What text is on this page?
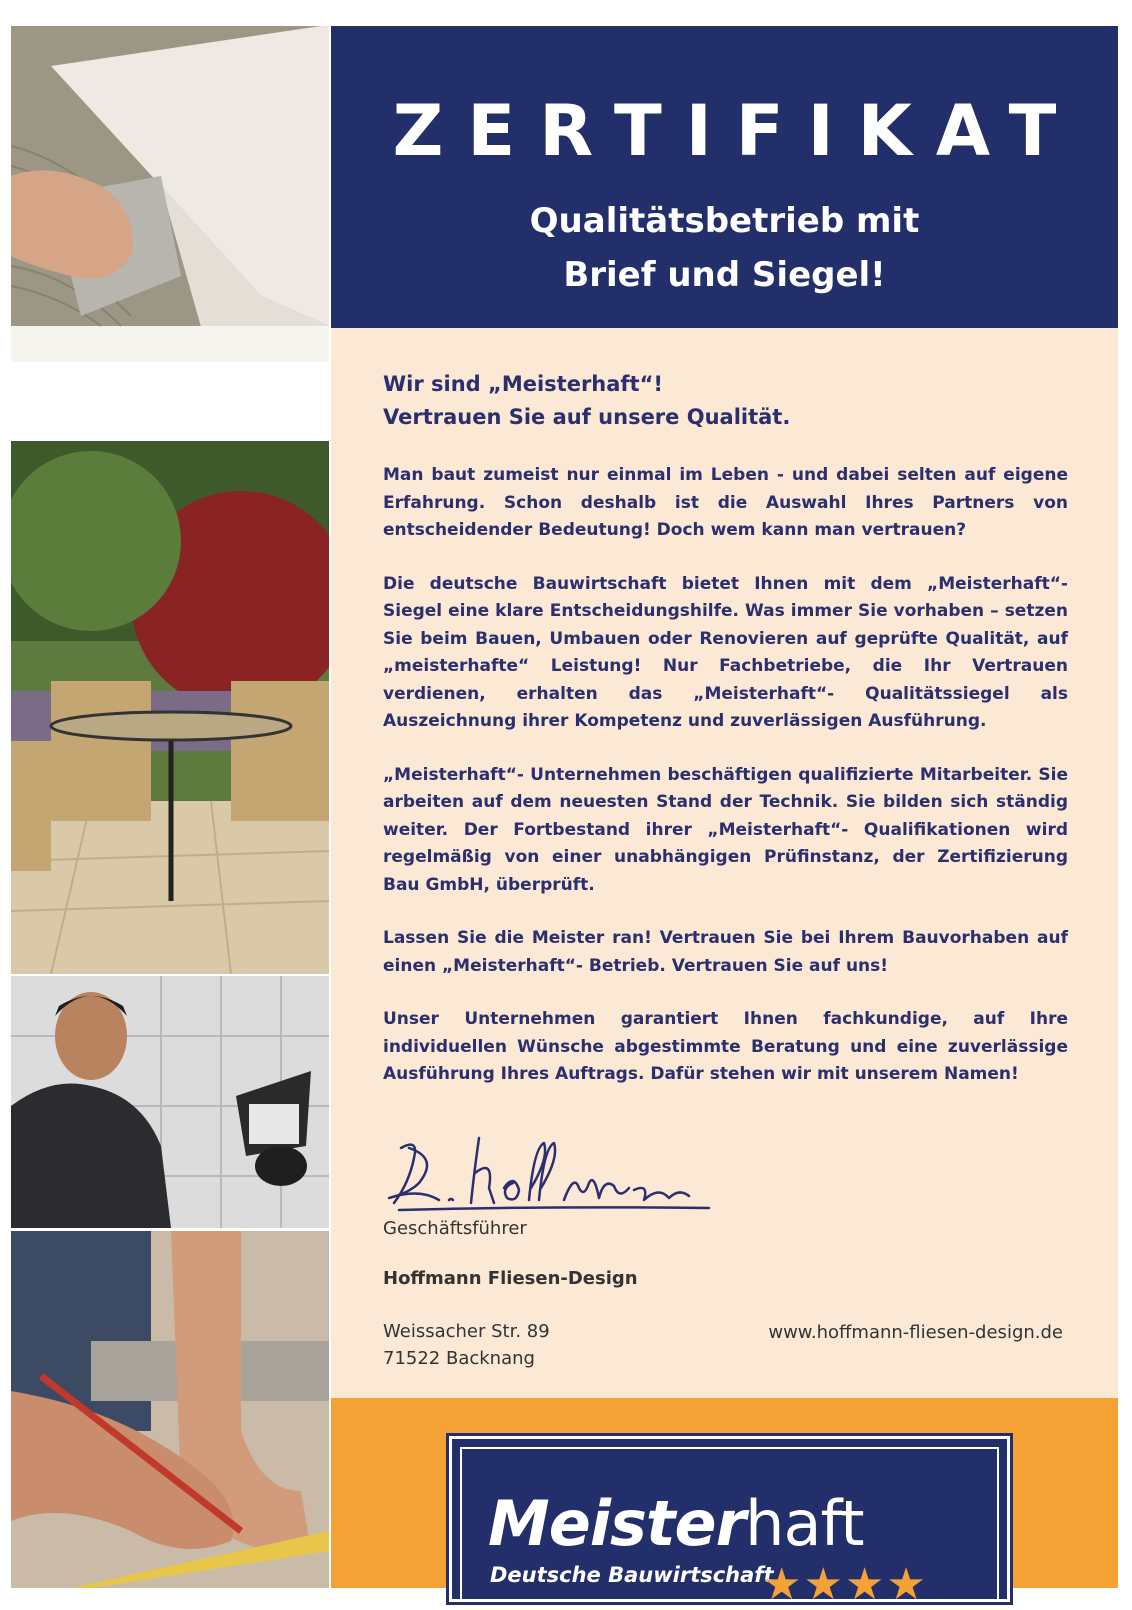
ZERTIFIKAT
Qualitätsbetrieb mit
Brief und Siegel!
Wir sind „Meisterhaft“!
Vertrauen Sie auf unsere Qualität.

Man baut zumeist nur einmal im Leben - und dabei selten auf eigene Erfahrung. Schon deshalb ist die Auswahl Ihres Partners von entscheidender Bedeutung! Doch wem kann man vertrauen?

Die deutsche Bauwirtschaft bietet Ihnen mit dem „Meisterhaft“- Siegel eine klare Entscheidungshilfe. Was immer Sie vorhaben – setzen Sie beim Bauen, Umbauen oder Renovieren auf geprüfte Qualität, auf „meisterhafte“ Leistung! Nur Fachbetriebe, die Ihr Vertrauen verdienen, erhalten das „Meisterhaft“- Qualitätssiegel als Auszeichnung ihrer Kompetenz und zuverlässigen Ausführung.

„Meisterhaft“- Unternehmen beschäftigen qualifizierte Mitarbeiter. Sie arbeiten auf dem neuesten Stand der Technik. Sie bilden sich ständig weiter. Der Fortbestand ihrer „Meisterhaft“- Qualifikationen wird regelmäßig von einer unabhängigen Prüfinstanz, der Zertifizierung Bau GmbH, überprüft.

Lassen Sie die Meister ran! Vertrauen Sie bei Ihrem Bauvorhaben auf einen „Meisterhaft“- Betrieb. Vertrauen Sie auf uns!

Unser Unternehmen garantiert Ihnen fachkundige, auf Ihre individuellen Wünsche abgestimmte Beratung und eine zuverlässige Ausführung Ihres Auftrags. Dafür stehen wir mit unserem Namen!

Geschäftsführer
Hoffmann Fliesen-Design
Weissacher Str. 89
71522 Backnang
www.hoffmann-fliesen-design.de
Meisterhaft
Deutsche Bauwirtschaft
★★★★
